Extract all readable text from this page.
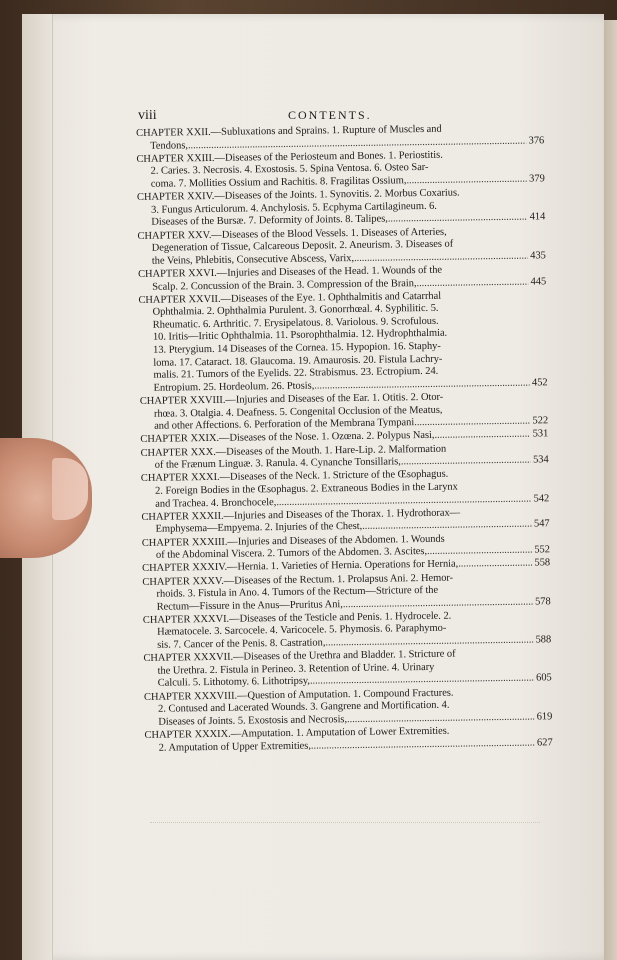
viii	CONTENTS.
CHAPTER XXII.—Subluxations and Sprains. 1. Rupture of Muscles and
Tendons, .....	376
CHAPTER XXIII.—Diseases of the Periosteum and Bones. 1. Periostitis.
2. Caries. 3. Necrosis. 4. Exostosis. 5. Spina Ventosa. 6. Osteo Sar-
coma. 7. Mollities Ossium and Rachitis. 8. Fragilitas Ossium, .....	379
CHAPTER XXIV.—Diseases of the Joints. 1. Synovitis. 2. Morbus Coxarius.
3. Fungus Articulorum. 4. Anchylosis. 5. Ecphyma Cartilagineum. 6.
Diseases of the Bursæ. 7. Deformity of Joints. 8. Talipes, .....	414
CHAPTER XXV.—Diseases of the Blood Vessels. 1. Diseases of Arteries,
Degeneration of Tissue, Calcareous Deposit. 2. Aneurism. 3. Diseases of
the Veins, Phlebitis, Consecutive Abscess, Varix, .....	435
CHAPTER XXVI.—Injuries and Diseases of the Head. 1. Wounds of the
Scalp. 2. Concussion of the Brain. 3. Compression of the Brain, .....	445
CHAPTER XXVII.—Diseases of the Eye. 1. Ophthalmitis and Catarrhal
Ophthalmia. 2. Ophthalmia Purulent. 3. Gonorrhœal. 4. Syphilitic. 5.
Rheumatic. 6. Arthritic. 7. Erysipelatous. 8. Variolous. 9. Scrofulous.
10. Iritis—Iritic Ophthalmia. 11. Psorophthalmia. 12. Hydrophthalmia.
13. Pterygium. 14 Diseases of the Cornea. 15. Hypopion. 16. Staphy-
loma. 17. Cataract. 18. Glaucoma. 19. Amaurosis. 20. Fistula Lachry-
malis. 21. Tumors of the Eyelids. 22. Strabismus. 23. Ectropium. 24.
Entropium. 25. Hordeolum. 26. Ptosis, .....	452
CHAPTER XXVIII.—Injuries and Diseases of the Ear. 1. Otitis. 2. Otor-
rhœa. 3. Otalgia. 4. Deafness. 5. Congenital Occlusion of the Meatus,
and other Affections. 6. Perforation of the Membrana Tympani .....	522
CHAPTER XXIX.—Diseases of the Nose. 1. Ozœna. 2. Polypus Nasi, .....	531
CHAPTER XXX.—Diseases of the Mouth. 1. Hare-Lip. 2. Malformation
of the Frænum Linguæ. 3. Ranula. 4. Cynanche Tonsillaris, .....	534
CHAPTER XXXI.—Diseases of the Neck. 1. Stricture of the Œsophagus.
2. Foreign Bodies in the Œsophagus. 2. Extraneous Bodies in the Larynx
and Trachea. 4. Bronchocele, .....	542
CHAPTER XXXII.—Injuries and Diseases of the Thorax. 1. Hydrothorax—
Emphysema—Empyema. 2. Injuries of the Chest, .....	547
CHAPTER XXXIII.—Injuries and Diseases of the Abdomen. 1. Wounds
of the Abdominal Viscera. 2. Tumors of the Abdomen. 3. Ascites, .....	552
CHAPTER XXXIV.—Hernia. 1. Varieties of Hernia. Operations for Hernia, .....	558
CHAPTER XXXV.—Diseases of the Rectum. 1. Prolapsus Ani. 2. Hemor-
rhoids. 3. Fistula in Ano. 4. Tumors of the Rectum—Stricture of the
Rectum—Fissure in the Anus—Pruritus Ani, .....	578
CHAPTER XXXVI.—Diseases of the Testicle and Penis. 1. Hydrocele. 2.
Hæmatocele. 3. Sarcocele. 4. Varicocele. 5. Phymosis. 6. Paraphymo-
sis. 7. Cancer of the Penis. 8. Castration, .....	588
CHAPTER XXXVII.—Diseases of the Urethra and Bladder. 1. Stricture of
the Urethra. 2. Fistula in Perineo. 3. Retention of Urine. 4. Urinary
Calculi. 5. Lithotomy. 6. Lithotripsy, .....	605
CHAPTER XXXVIII.—Question of Amputation. 1. Compound Fractures.
2. Contused and Lacerated Wounds. 3. Gangrene and Mortification. 4.
Diseases of Joints. 5. Exostosis and Necrosis, .....	619
CHAPTER XXXIX.—Amputation. 1. Amputation of Lower Extremities.
2. Amputation of Upper Extremities, .....	627
